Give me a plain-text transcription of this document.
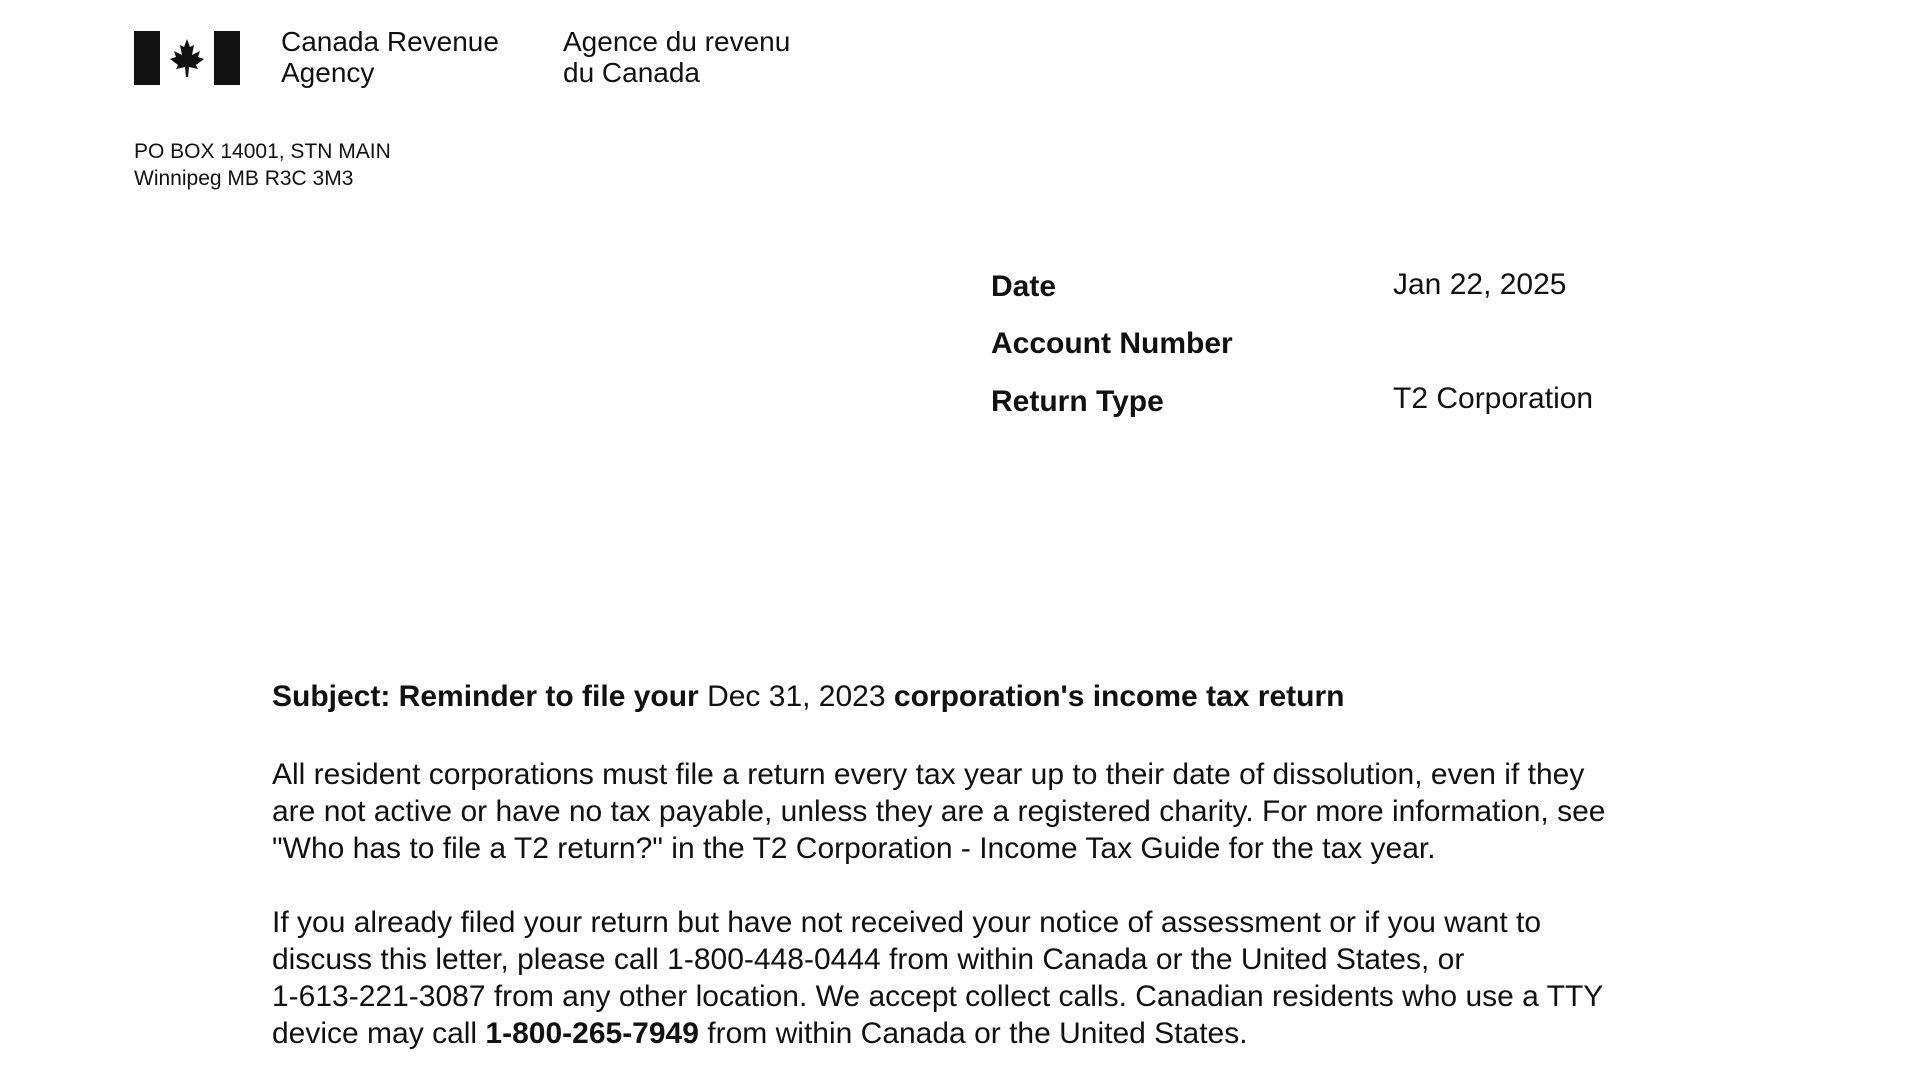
Canada Revenue
Agency
Agence du revenu
du Canada
PO BOX 14001, STN MAIN
Winnipeg MB R3C 3M3
Date	Jan 22, 2025
Account Number
Return Type	T2 Corporation
Subject: Reminder to file your Dec 31, 2023 corporation's income tax return
All resident corporations must file a return every tax year up to their date of dissolution, even if they
are not active or have no tax payable, unless they are a registered charity. For more information, see
"Who has to file a T2 return?" in the T2 Corporation - Income Tax Guide for the tax year.
If you already filed your return but have not received your notice of assessment or if you want to
discuss this letter, please call 1-800-448-0444 from within Canada or the United States, or
1-613-221-3087 from any other location. We accept collect calls. Canadian residents who use a TTY
device may call 1-800-265-7949 from within Canada or the United States.
